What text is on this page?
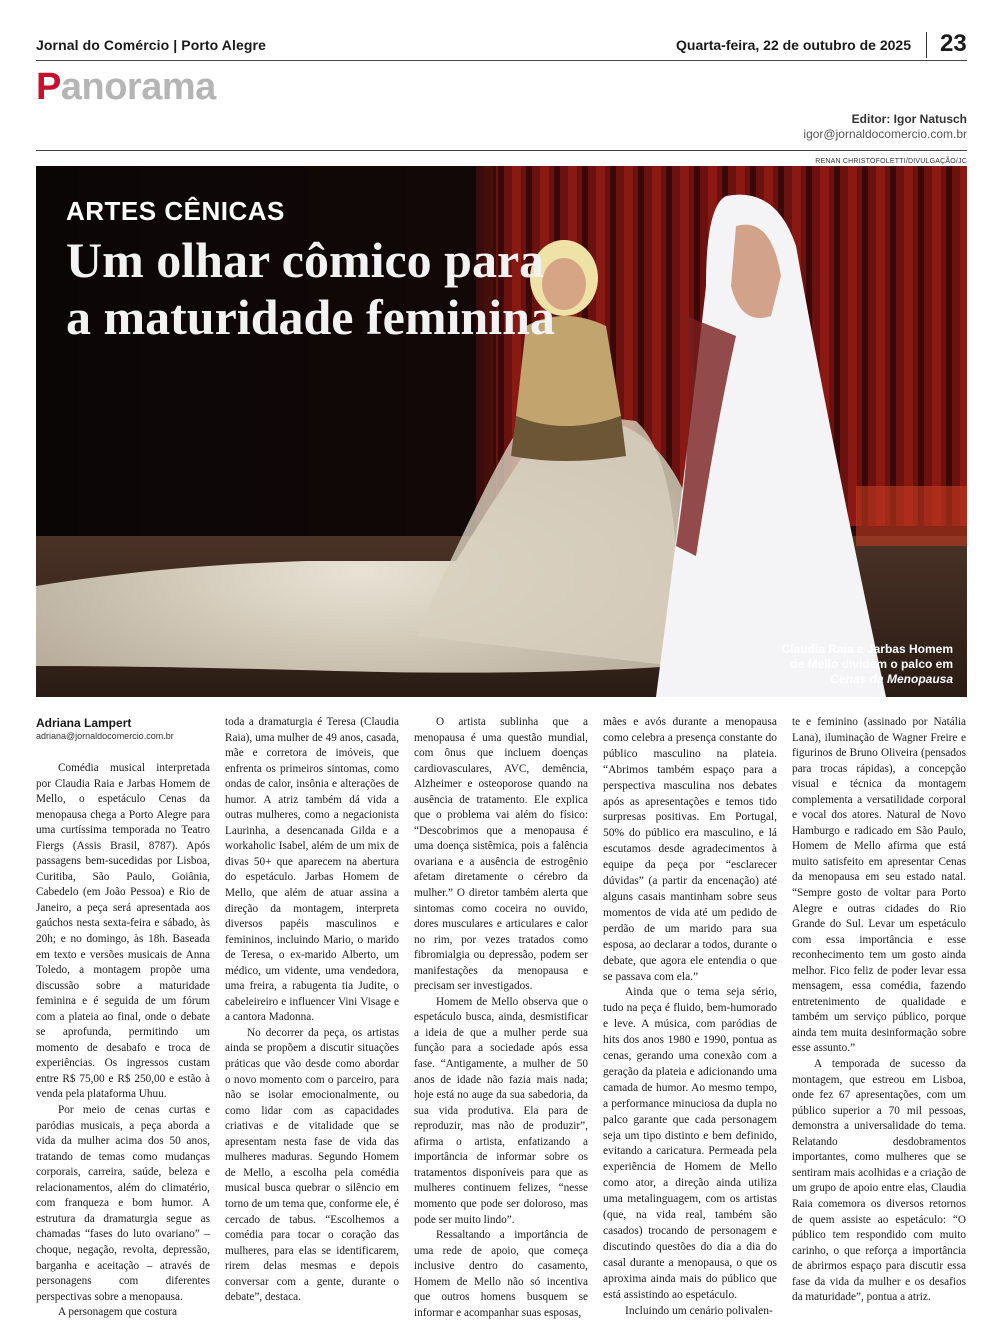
Jornal do Comércio | Porto Alegre	Quarta-feira, 22 de outubro de 2025 23
Panorama
Editor: Igor Natusch
igor@jornaldocomercio.com.br
RENAN CHRISTOFOLETTI/DIVULGAÇÃO/JC
ARTES CÊNICAS
Um olhar cômico para a maturidade feminina
Claudia Raia e Jarbas Homem
de Mello dividem o palco em
Cenas da Menopausa
Adriana Lampert
adriana@jornaldocomercio.com.br

Comédia musical interpretada por Claudia Raia e Jarbas Homem de Mello, o espetáculo Cenas da menopausa chega a Porto Alegre para uma curtíssima temporada no Teatro Fiergs (Assis Brasil, 8787). Após passagens bem-sucedidas por Lisboa, Curitiba, São Paulo, Goiânia, Cabedelo (em João Pessoa) e Rio de Janeiro, a peça será apresentada aos gaúchos nesta sexta-feira e sábado, às 20h; e no domingo, às 18h. Baseada em texto e versões musicais de Anna Toledo, a montagem propõe uma discussão sobre a maturidade feminina e é seguida de um fórum com a plateia ao final, onde o debate se aprofunda, permitindo um momento de desabafo e troca de experiências. Os ingressos custam entre R$ 75,00 e R$ 250,00 e estão à venda pela plataforma Uhuu.

Por meio de cenas curtas e paródias musicais, a peça aborda a vida da mulher acima dos 50 anos, tratando de temas como mudanças corporais, carreira, saúde, beleza e relacionamentos, além do climatério, com franqueza e bom humor. A estrutura da dramaturgia segue as chamadas “fases do luto ovariano” – choque, negação, revolta, depressão, barganha e aceitação – através de personagens com diferentes perspectivas sobre a menopausa.

A personagem que costura

toda a dramaturgia é Teresa (Claudia Raia), uma mulher de 49 anos, casada, mãe e corretora de imóveis, que enfrenta os primeiros sintomas, como ondas de calor, insônia e alterações de humor. A atriz também dá vida a outras mulheres, como a negacionista Laurinha, a desencanada Gilda e a workaholic Isabel, além de um mix de divas 50+ que aparecem na abertura do espetáculo. Jarbas Homem de Mello, que além de atuar assina a direção da montagem, interpreta diversos papéis masculinos e femininos, incluindo Mario, o marido de Teresa, o ex-marido Alberto, um médico, um vidente, uma vendedora, uma freira, a rabugenta tia Judite, o cabeleireiro e influencer Vini Visage e a cantora Madonna.

No decorrer da peça, os artistas ainda se propõem a discutir situações práticas que vão desde como abordar o novo momento com o parceiro, para não se isolar emocionalmente, ou como lidar com as capacidades criativas e de vitalidade que se apresentam nesta fase de vida das mulheres maduras. Segundo Homem de Mello, a escolha pela comédia musical busca quebrar o silêncio em torno de um tema que, conforme ele, é cercado de tabus. “Escolhemos a comédia para tocar o coração das mulheres, para elas se identificarem, rirem delas mesmas e depois conversar com a gente, durante o debate”, destaca.

O artista sublinha que a menopausa é uma questão mundial, com ônus que incluem doenças cardiovasculares, AVC, demência, Alzheimer e osteoporose quando na ausência de tratamento. Ele explica que o problema vai além do físico: “Descobrimos que a menopausa é uma doença sistêmica, pois a falência ovariana e a ausência de estrogênio afetam diretamente o cérebro da mulher.” O diretor também alerta que sintomas como coceira no ouvido, dores musculares e articulares e calor no rim, por vezes tratados como fibromialgia ou depressão, podem ser manifestações da menopausa e precisam ser investigados.

Homem de Mello observa que o espetáculo busca, ainda, desmistificar a ideia de que a mulher perde sua função para a sociedade após essa fase. “Antigamente, a mulher de 50 anos de idade não fazia mais nada; hoje está no auge da sua sabedoria, da sua vida produtiva. Ela para de reproduzir, mas não de produzir”, afirma o artista, enfatizando a importância de informar sobre os tratamentos disponíveis para que as mulheres continuem felizes, “nesse momento que pode ser doloroso, mas pode ser muito lindo”.

Ressaltando a importância de uma rede de apoio, que começa inclusive dentro do casamento, Homem de Mello não só incentiva que outros homens busquem se informar e acompanhar suas esposas,

mães e avós durante a menopausa como celebra a presença constante do público masculino na plateia. “Abrimos também espaço para a perspectiva masculina nos debates após as apresentações e temos tido surpresas positivas. Em Portugal, 50% do público era masculino, e lá escutamos desde agradecimentos à equipe da peça por “esclarecer dúvidas” (a partir da encenação) até alguns casais mantinham sobre seus momentos de vida até um pedido de perdão de um marido para sua esposa, ao declarar a todos, durante o debate, que agora ele entendia o que se passava com ela.”

Ainda que o tema seja sério, tudo na peça é fluido, bem-humorado e leve. A música, com paródias de hits dos anos 1980 e 1990, pontua as cenas, gerando uma conexão com a geração da plateia e adicionando uma camada de humor. Ao mesmo tempo, a performance minuciosa da dupla no palco garante que cada personagem seja um tipo distinto e bem definido, evitando a caricatura. Permeada pela experiência de Homem de Mello como ator, a direção ainda utiliza uma metalinguagem, com os artistas (que, na vida real, também são casados) trocando de personagem e discutindo questões do dia a dia do casal durante a menopausa, o que os aproxima ainda mais do público que está assistindo ao espetáculo.

Incluindo um cenário polivalen-

te e feminino (assinado por Natália Lana), iluminação de Wagner Freire e figurinos de Bruno Oliveira (pensados para trocas rápidas), a concepção visual e técnica da montagem complementa a versatilidade corporal e vocal dos atores. Natural de Novo Hamburgo e radicado em São Paulo, Homem de Mello afirma que está muito satisfeito em apresentar Cenas da menopausa em seu estado natal. “Sempre gosto de voltar para Porto Alegre e outras cidades do Rio Grande do Sul. Levar um espetáculo com essa importância e esse reconhecimento tem um gosto ainda melhor. Fico feliz de poder levar essa mensagem, essa comédia, fazendo entretenimento de qualidade e também um serviço público, porque ainda tem muita desinformação sobre esse assunto.”

A temporada de sucesso da montagem, que estreou em Lisboa, onde fez 67 apresentações, com um público superior a 70 mil pessoas, demonstra a universalidade do tema. Relatando desdobramentos importantes, como mulheres que se sentiram mais acolhidas e a criação de um grupo de apoio entre elas, Claudia Raia comemora os diversos retornos de quem assiste ao espetáculo: “O público tem respondido com muito carinho, o que reforça a importância de abrirmos espaço para discutir essa fase da vida da mulher e os desafios da maturidade”, pontua a atriz.
